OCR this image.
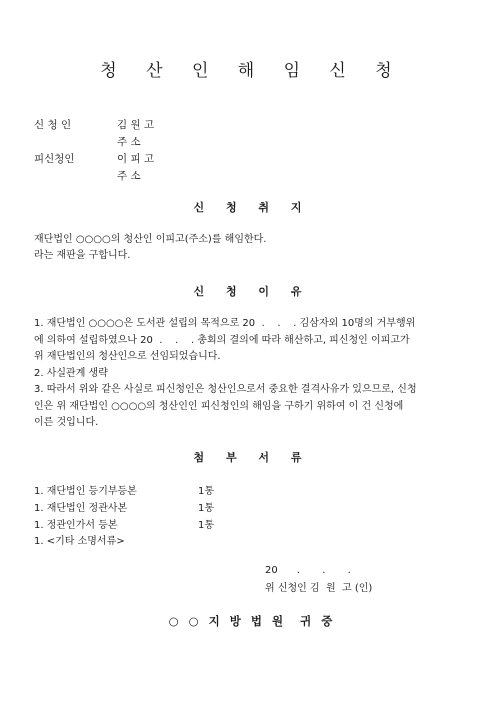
청 산 인 해 임 신 청
신 청 인	김 원 고
주 소
피신청인	이 피 고
주 소
신 청 취 지
재단법인 ○○○○의 청산인 이피고(주소)를 해임한다.
라는 재판을 구합니다.
신 청 이 유
1. 재단법인 ○○○○은 도서관 설립의 목적으로 20  .    .    . 김삼자외 10명의 거부행위
에 의하여 설립하였으나 20  .    .    . 총회의 결의에 따라 해산하고, 피신청인 이피고가
위 재단법인의 청산인으로 선임되었습니다.
2. 사실관계 생략
3. 따라서 위와 같은 사실로 피신청인은 청산인으로서 중요한 결격사유가 있으므로, 신청
인은 위 재단법인 ○○○○의 청산인인 피신청인의 해임을 구하기 위하여 이 건 신청에
이른 것입니다.
첨 부 서 류
1. 재단법인 등기부등본	1통
1. 재단법인 정관사본	1통
1. 정관인가서 등본	1통
1. <기타 소명서류>
20      .       .       .
위 신청인 김  원  고 (인)
○ ○ 지 방 법 원  귀 중
